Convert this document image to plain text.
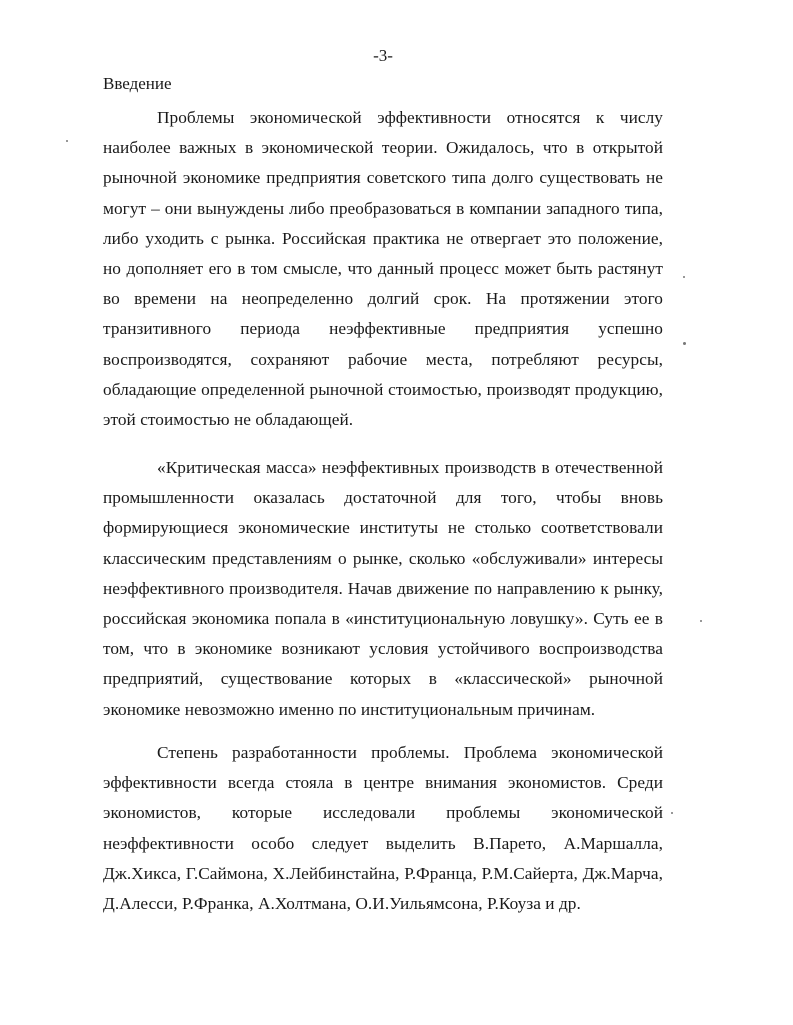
-3-
Введение

Проблемы экономической эффективности относятся к числу наиболее важных в экономической теории. Ожидалось, что в открытой рыночной экономике предприятия советского типа долго существовать не могут – они вынуждены либо преобразоваться в компании западного типа, либо уходить с рынка. Российская практика не отвергает это положение, но дополняет его в том смысле, что данный процесс может быть растянут во времени на неопределенно долгий срок. На протяжении этого транзитивного периода неэффективные предприятия успешно воспроизводятся, сохраняют рабочие места, потребляют ресурсы, обладающие определенной рыночной стоимостью, производят продукцию, этой стоимостью не обладающей.

«Критическая масса» неэффективных производств в отечественной промышленности оказалась достаточной для того, чтобы вновь формирующиеся экономические институты не столько соответствовали классическим представлениям о рынке, сколько «обслуживали» интересы неэффективного производителя. Начав движение по направлению к рынку, российская экономика попала в «институциональную ловушку». Суть ее в том, что в экономике возникают условия устойчивого воспроизводства предприятий, существование которых в «классической» рыночной экономике невозможно именно по институциональным причинам.

Степень разработанности проблемы. Проблема экономической эффективности всегда стояла в центре внимания экономистов. Среди экономистов, которые исследовали проблемы экономической неэффективности особо следует выделить В.Парето, А.Маршалла, Дж.Хикса, Г.Саймона, Х.Лейбинстайна, Р.Францa, Р.М.Сайерта, Дж.Марча, Д.Алесси, Р.Франка, А.Холтмана, О.И.Уильямсона, Р.Коуза и др.
